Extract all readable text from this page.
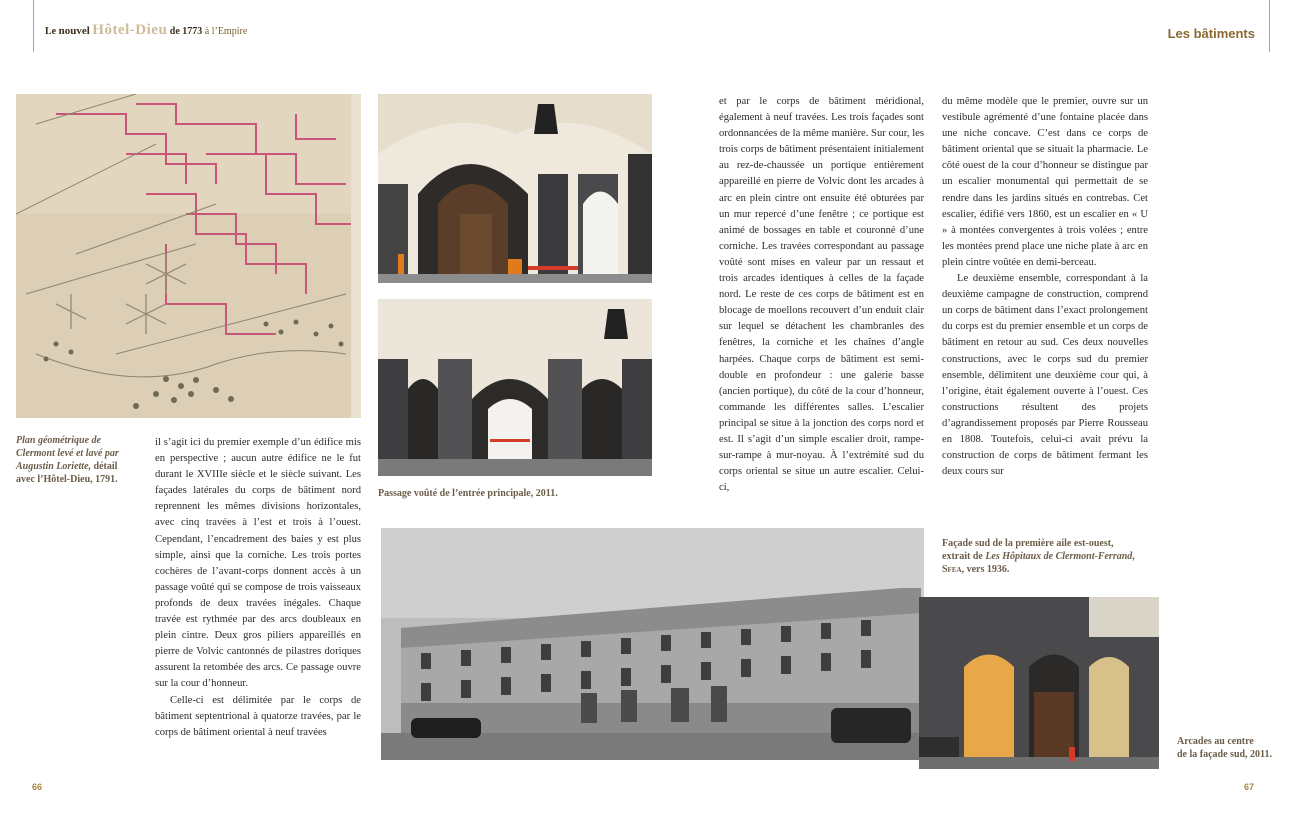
Le nouvel Hôtel-Dieu de 1773 à l’Empire	Les bâtiments
Plan géométrique de Clermont levé et lavé par Augustin Loriette, détail avec l’Hôtel-Dieu, 1791.

il s’agit ici du premier exemple d’un édifice mis en perspective ; aucun autre édifice ne le fut durant le XVIIIe siècle et le siècle suivant. Les façades latérales du corps de bâtiment nord reprennent les mêmes divisions horizontales, avec cinq travées à l’est et trois à l’ouest. Cependant, l’encadrement des baies y est plus simple, ainsi que la corniche. Les trois portes cochères de l’avant-corps donnent accès à un passage voûté qui se compose de trois vaisseaux profonds de deux travées inégales. Chaque travée est rythmée par des arcs doubleaux en plein cintre. Deux gros piliers appareillés en pierre de Volvic cantonnés de pilastres doriques assurent la retombée des arcs. Ce passage ouvre sur la cour d’honneur.

Celle-ci est délimitée par le corps de bâtiment septentrional à quatorze travées, par le corps de bâtiment oriental à neuf travées

Passage voûté de l’entrée principale, 2011.

et par le corps de bâtiment méridional, également à neuf travées. Les trois façades sont ordonnancées de la même manière. Sur cour, les trois corps de bâtiment présentaient initialement au rez-de-chaussée un portique entièrement appareillé en pierre de Volvic dont les arcades à arc en plein cintre ont ensuite été obturées par un mur repercé d’une fenêtre ; ce portique est animé de bossages en table et couronné d’une corniche. Les travées correspondant au passage voûté sont mises en valeur par un ressaut et trois arcades identiques à celles de la façade nord. Le reste de ces corps de bâtiment est en blocage de moellons recouvert d’un enduit clair sur lequel se détachent les chambranles des fenêtres, la corniche et les chaînes d’angle harpées. Chaque corps de bâtiment est semi-double en profondeur : une galerie basse (ancien portique), du côté de la cour d’honneur, commande les différentes salles. L’escalier principal se situe à la jonction des corps nord et est. Il s’agit d’un simple escalier droit, rampe-sur-rampe à mur-noyau. À l’extrémité sud du corps oriental se situe un autre escalier. Celui-ci,

du même modèle que le premier, ouvre sur un vestibule agrémenté d’une fontaine placée dans une niche concave. C’est dans ce corps de bâtiment oriental que se situait la pharmacie. Le côté ouest de la cour d’honneur se distingue par un escalier monumental qui permettait de se rendre dans les jardins situés en contrebas. Cet escalier, édifié vers 1860, est un escalier en « U » à montées convergentes à trois volées ; entre les montées prend place une niche plate à arc en plein cintre voûtée en demi-berceau.

Le deuxième ensemble, correspondant à la deuxième campagne de construction, comprend un corps de bâtiment dans l’exact prolongement du corps est du premier ensemble et un corps de bâtiment en retour au sud. Ces deux nouvelles constructions, avec le corps sud du premier ensemble, délimitent une deuxième cour qui, à l’origine, était également ouverte à l’ouest. Ces constructions résultent des projets d’agrandissement proposés par Pierre Rousseau en 1808. Toutefois, celui-ci avait prévu la construction de corps de bâtiment fermant les deux cours sur

Façade sud de la première aile est-ouest,
extrait de Les Hôpitaux de Clermont-Ferrand,
Sfea, vers 1936.
Arcades au centre
de la façade sud, 2011.
66	67
